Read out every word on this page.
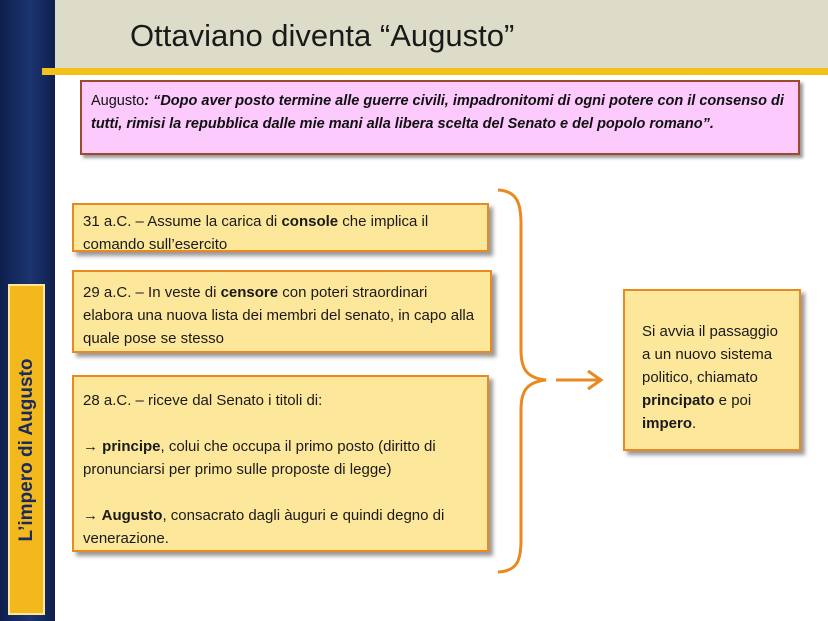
L’impero di Augusto
Ottaviano diventa “Augusto”
Augusto: “Dopo aver posto termine alle guerre civili, impadronitomi di ogni potere con il consenso di tutti, rimisi la repubblica dalle mie mani alla libera scelta del Senato e del popolo romano”.
31 a.C. – Assume la carica di console che implica il comando sull’esercito
29 a.C. – In veste di censore con poteri straordinari elabora una nuova lista dei membri del senato, in capo alla quale pose se stesso
28 a.C. – riceve dal Senato i titoli di:
→ principe, colui che occupa il primo posto (diritto di pronunciarsi per primo sulle proposte di legge)
→ Augusto, consacrato dagli àuguri e quindi degno di venerazione.
Si avvia il passaggio a un nuovo sistema politico, chiamato principato e poi impero.
